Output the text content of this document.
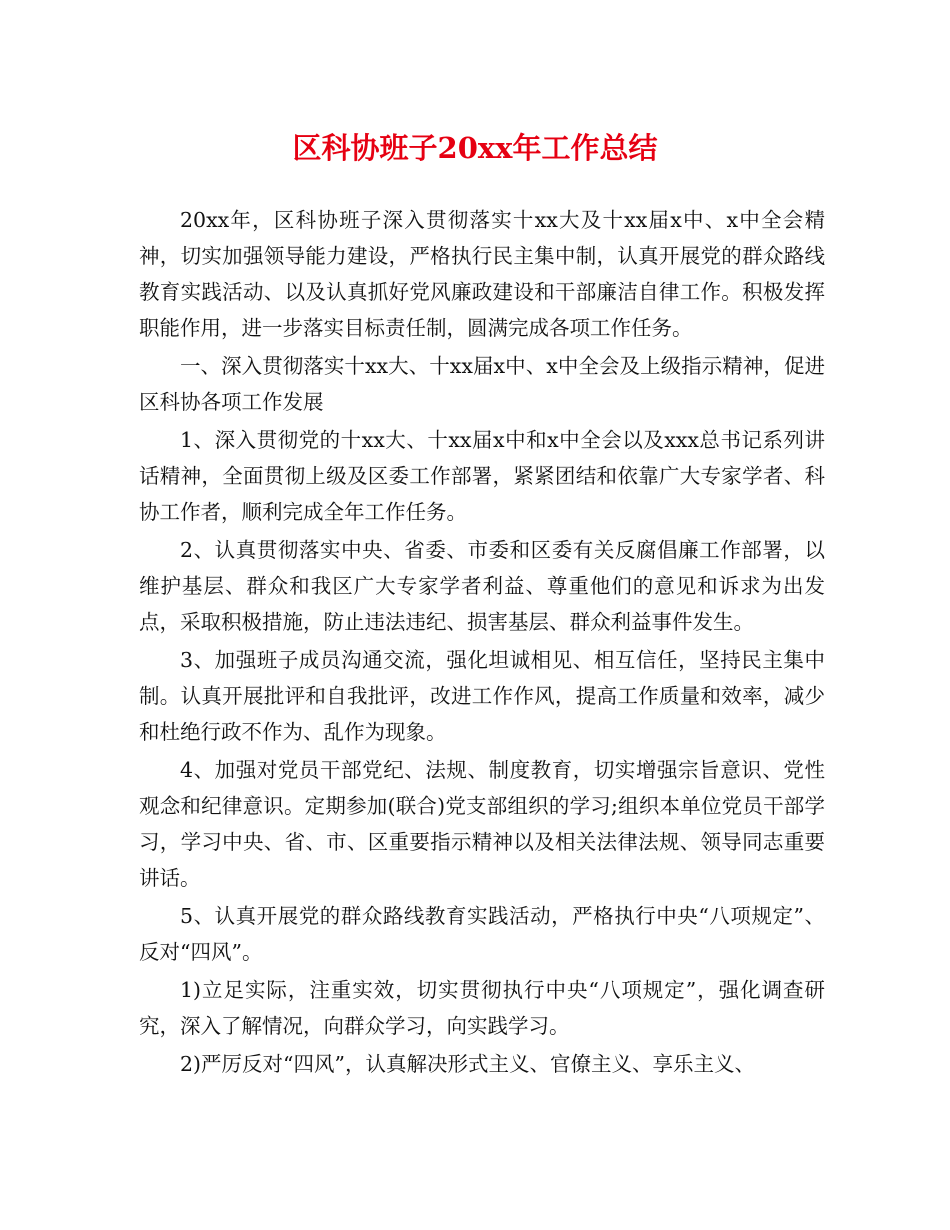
区科协班子20xx年工作总结

20xx年，区科协班子深入贯彻落实十xx大及十xx届x中、x中全会精神，切实加强领导能力建设，严格执行民主集中制，认真开展党的群众路线教育实践活动、以及认真抓好党风廉政建设和干部廉洁自律工作。积极发挥职能作用，进一步落实目标责任制，圆满完成各项工作任务。

一、深入贯彻落实十xx大、十xx届x中、x中全会及上级指示精神，促进区科协各项工作发展

1、深入贯彻党的十xx大、十xx届x中和x中全会以及xxx总书记系列讲话精神，全面贯彻上级及区委工作部署，紧紧团结和依靠广大专家学者、科协工作者，顺利完成全年工作任务。

2、认真贯彻落实中央、省委、市委和区委有关反腐倡廉工作部署，以维护基层、群众和我区广大专家学者利益、尊重他们的意见和诉求为出发点，采取积极措施，防止违法违纪、损害基层、群众利益事件发生。

3、加强班子成员沟通交流，强化坦诚相见、相互信任，坚持民主集中制。认真开展批评和自我批评，改进工作作风，提高工作质量和效率，减少和杜绝行政不作为、乱作为现象。

4、加强对党员干部党纪、法规、制度教育，切实增强宗旨意识、党性观念和纪律意识。定期参加(联合)党支部组织的学习;组织本单位党员干部学习，学习中央、省、市、区重要指示精神以及相关法律法规、领导同志重要讲话。

5、认真开展党的群众路线教育实践活动，严格执行中央“八项规定”、反对“四风”。

1)立足实际，注重实效，切实贯彻执行中央“八项规定”，强化调查研究，深入了解情况，向群众学习，向实践学习。

2)严厉反对“四风”，认真解决形式主义、官僚主义、享乐主义、
